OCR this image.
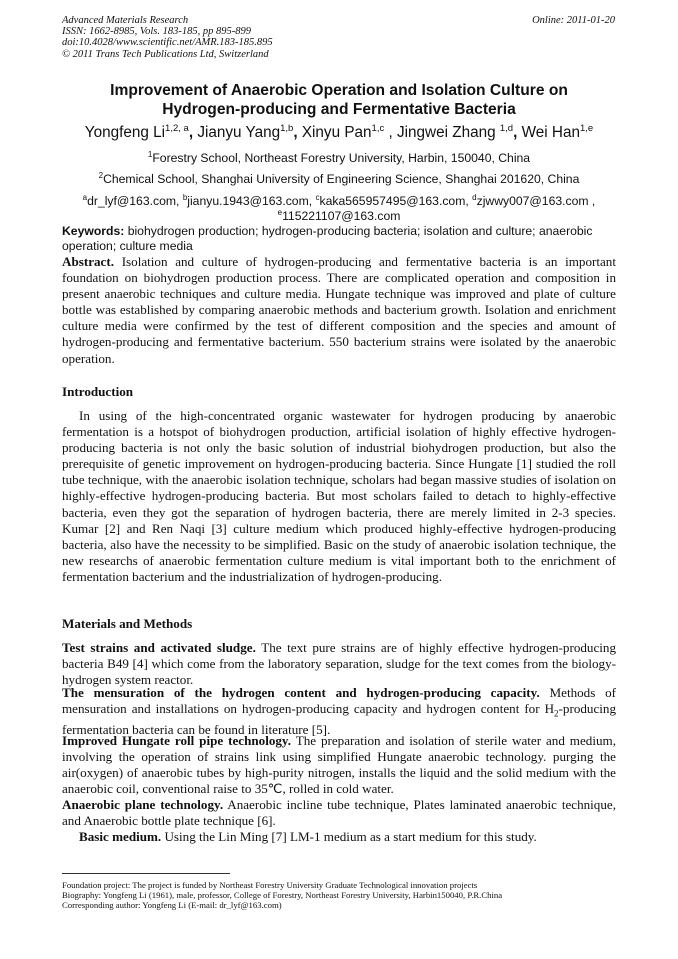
Advanced Materials Research
ISSN: 1662-8985, Vols. 183-185, pp 895-899
doi:10.4028/www.scientific.net/AMR.183-185.895
© 2011 Trans Tech Publications Ltd, Switzerland
Online: 2011-01-20
Improvement of Anaerobic Operation and Isolation Culture on
Hydrogen-producing and Fermentative Bacteria
Yongfeng Li$^{1,2, a}$, Jianyu Yang$^{1,b}$, Xinyu Pan$^{1,c}$ , Jingwei Zhang $^{1,d}$, Wei Han$^{1,e}$
$^1$Forestry School, Northeast Forestry University, Harbin, 150040, China
$^2$Chemical School, Shanghai University of Engineering Science, Shanghai 201620, China
$^a$dr_lyf@163.com, $^b$jianyu.1943@163.com, $^c$kaka565957495@163.com, $^d$zjwwy007@163.com ,
$^e$115221107@163.com
Keywords: biohydrogen production; hydrogen-producing bacteria; isolation and culture; anaerobic operation; culture media
Abstract. Isolation and culture of hydrogen-producing and fermentative bacteria is an important foundation on biohydrogen production process. There are complicated operation and composition in present anaerobic techniques and culture media. Hungate technique was improved and plate of culture bottle was established by comparing anaerobic methods and bacterium growth. Isolation and enrichment culture media were confirmed by the test of different composition and the species and amount of hydrogen-producing and fermentative bacterium. 550 bacterium strains were isolated by the anaerobic operation.
Introduction
In using of the high-concentrated organic wastewater for hydrogen producing by anaerobic fermentation is a hotspot of biohydrogen production, artificial isolation of highly effective hydrogen-producing bacteria is not only the basic solution of industrial biohydrogen production, but also the prerequisite of genetic improvement on hydrogen-producing bacteria. Since Hungate [1] studied the roll tube technique, with the anaerobic isolation technique, scholars had began massive studies of isolation on highly-effective hydrogen-producing bacteria. But most scholars failed to detach to highly-effective bacteria, even they got the separation of hydrogen bacteria, there are merely limited in 2-3 species. Kumar [2] and Ren Naqi [3] culture medium which produced highly-effective hydrogen-producing bacteria, also have the necessity to be simplified. Basic on the study of anaerobic isolation technique, the new researchs of anaerobic fermentation culture medium is vital important both to the enrichment of fermentation bacterium and the industrialization of hydrogen-producing.
Materials and Methods
Test strains and activated sludge. The text pure strains are of highly effective hydrogen-producing bacteria B49 [4] which come from the laboratory separation, sludge for the text comes from the biology-hydrogen system reactor.
The mensuration of the hydrogen content and hydrogen-producing capacity. Methods of mensuration and installations on hydrogen-producing capacity and hydrogen content for $H_2$-producing fermentation bacteria can be found in literature [5].
Improved Hungate roll pipe technology. The preparation and isolation of sterile water and medium, involving the operation of strains link using simplified Hungate anaerobic technology. purging the air(oxygen) of anaerobic tubes by high-purity nitrogen, installs the liquid and the solid medium with the anaerobic coil, conventional raise to 35℃, rolled in cold water.
Anaerobic plane technology. Anaerobic incline tube technique, Plates laminated anaerobic technique, and Anaerobic bottle plate technique [6].
Basic medium. Using the Lin Ming [7] LM-1 medium as a start medium for this study.
Foundation project: The project is funded by Northeast Forestry University Graduate Technological innovation projects
Biography: Yongfeng Li (1961), male, professor, College of Forestry, Northeast Forestry University, Harbin150040, P.R.China
Corresponding author: Yongfeng Li (E-mail: dr_lyf@163.com)
